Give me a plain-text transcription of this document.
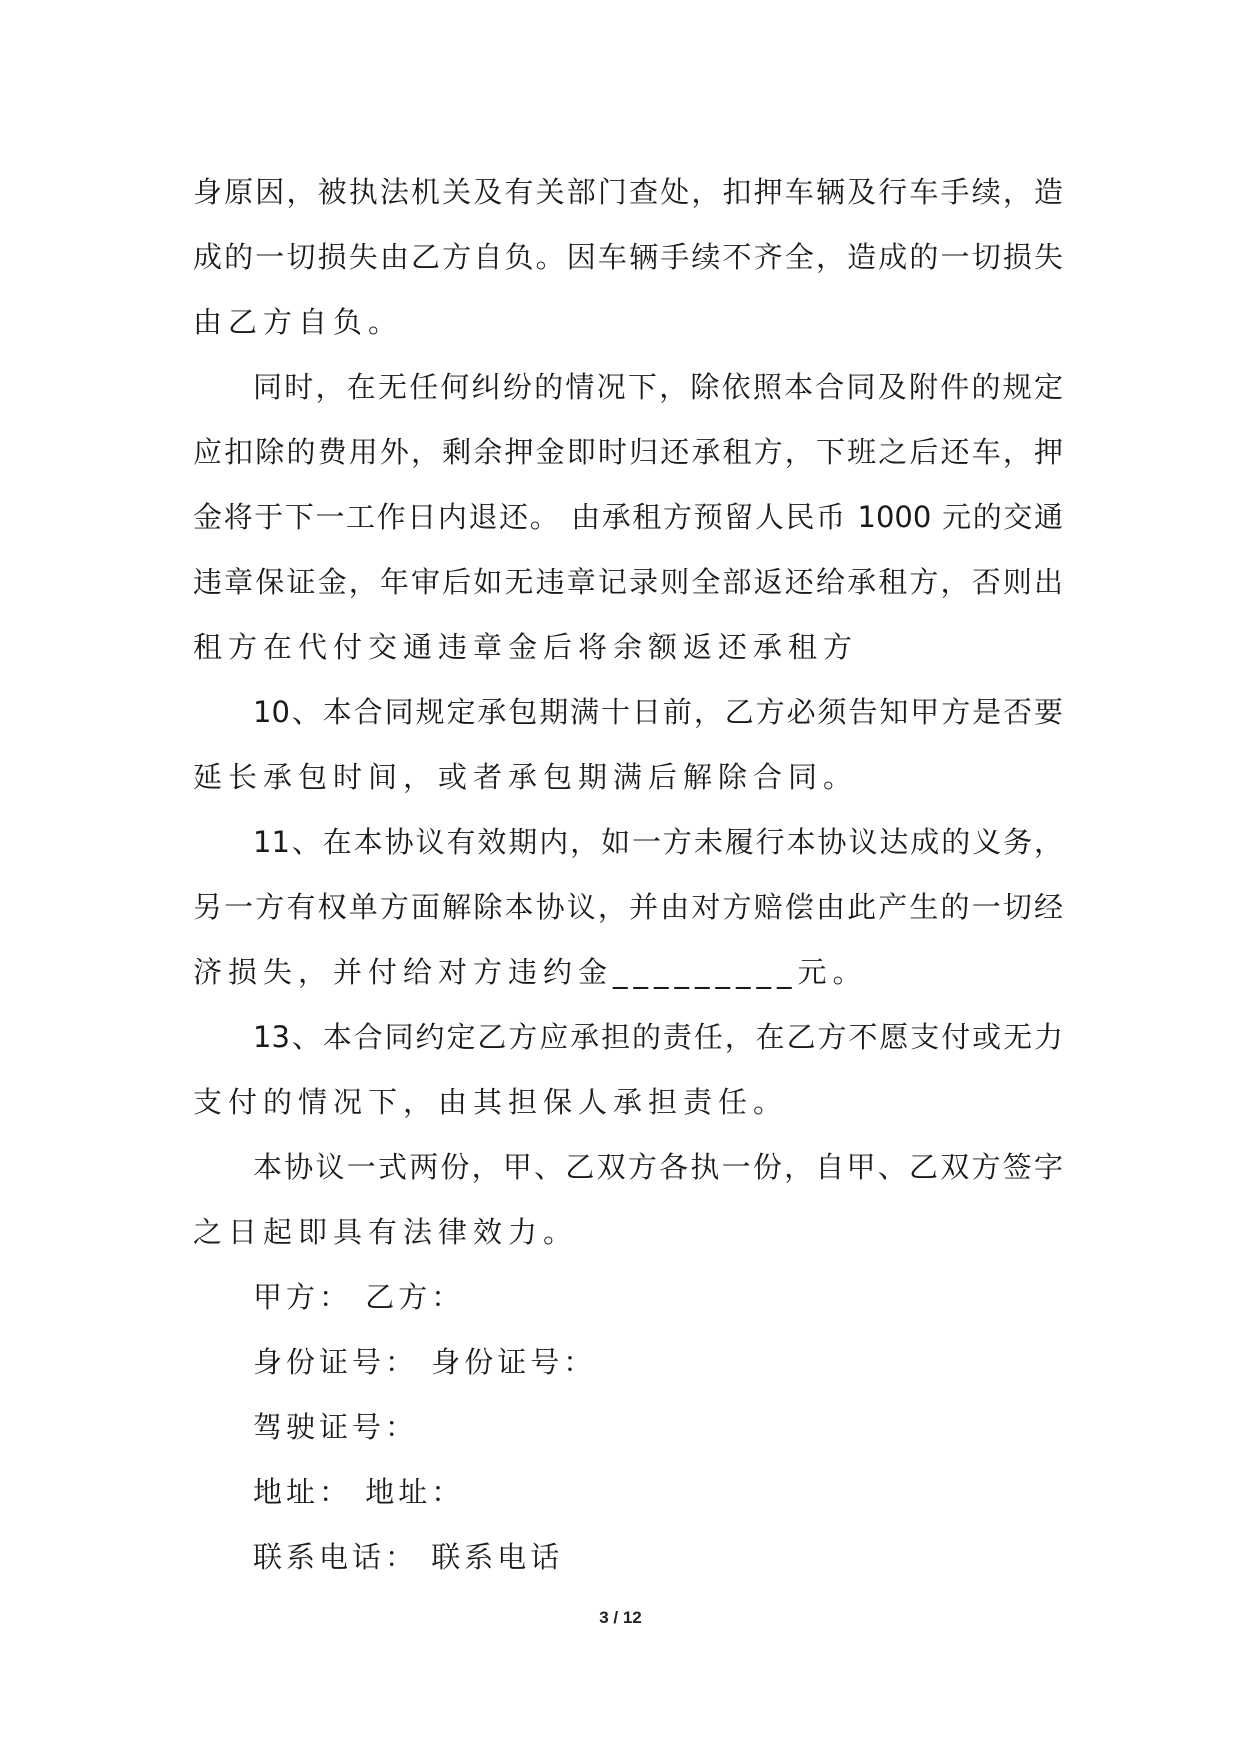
身原因，被执法机关及有关部门查处，扣押车辆及行车手续，造
成的一切损失由乙方自负。因车辆手续不齐全，造成的一切损失
由乙方自负。
同时，在无任何纠纷的情况下，除依照本合同及附件的规定
应扣除的费用外，剩余押金即时归还承租方，下班之后还车，押
金将于下一工作日内退还。 由承租方预留人民币 1000 元的交通
违章保证金，年审后如无违章记录则全部返还给承租方，否则出
租方在代付交通违章金后将余额返还承租方
10、本合同规定承包期满十日前，乙方必须告知甲方是否要
延长承包时间，或者承包期满后解除合同。
11、在本协议有效期内，如一方未履行本协议达成的义务，
另一方有权单方面解除本协议，并由对方赔偿由此产生的一切经
济损失，并付给对方违约金_________元。
13、本合同约定乙方应承担的责任，在乙方不愿支付或无力
支付的情况下，由其担保人承担责任。
本协议一式两份，甲、乙双方各执一份，自甲、乙双方签字
之日起即具有法律效力。
甲方： 乙方：
身份证号： 身份证号：
驾驶证号：
地址： 地址：
联系电话： 联系电话
3 / 12
